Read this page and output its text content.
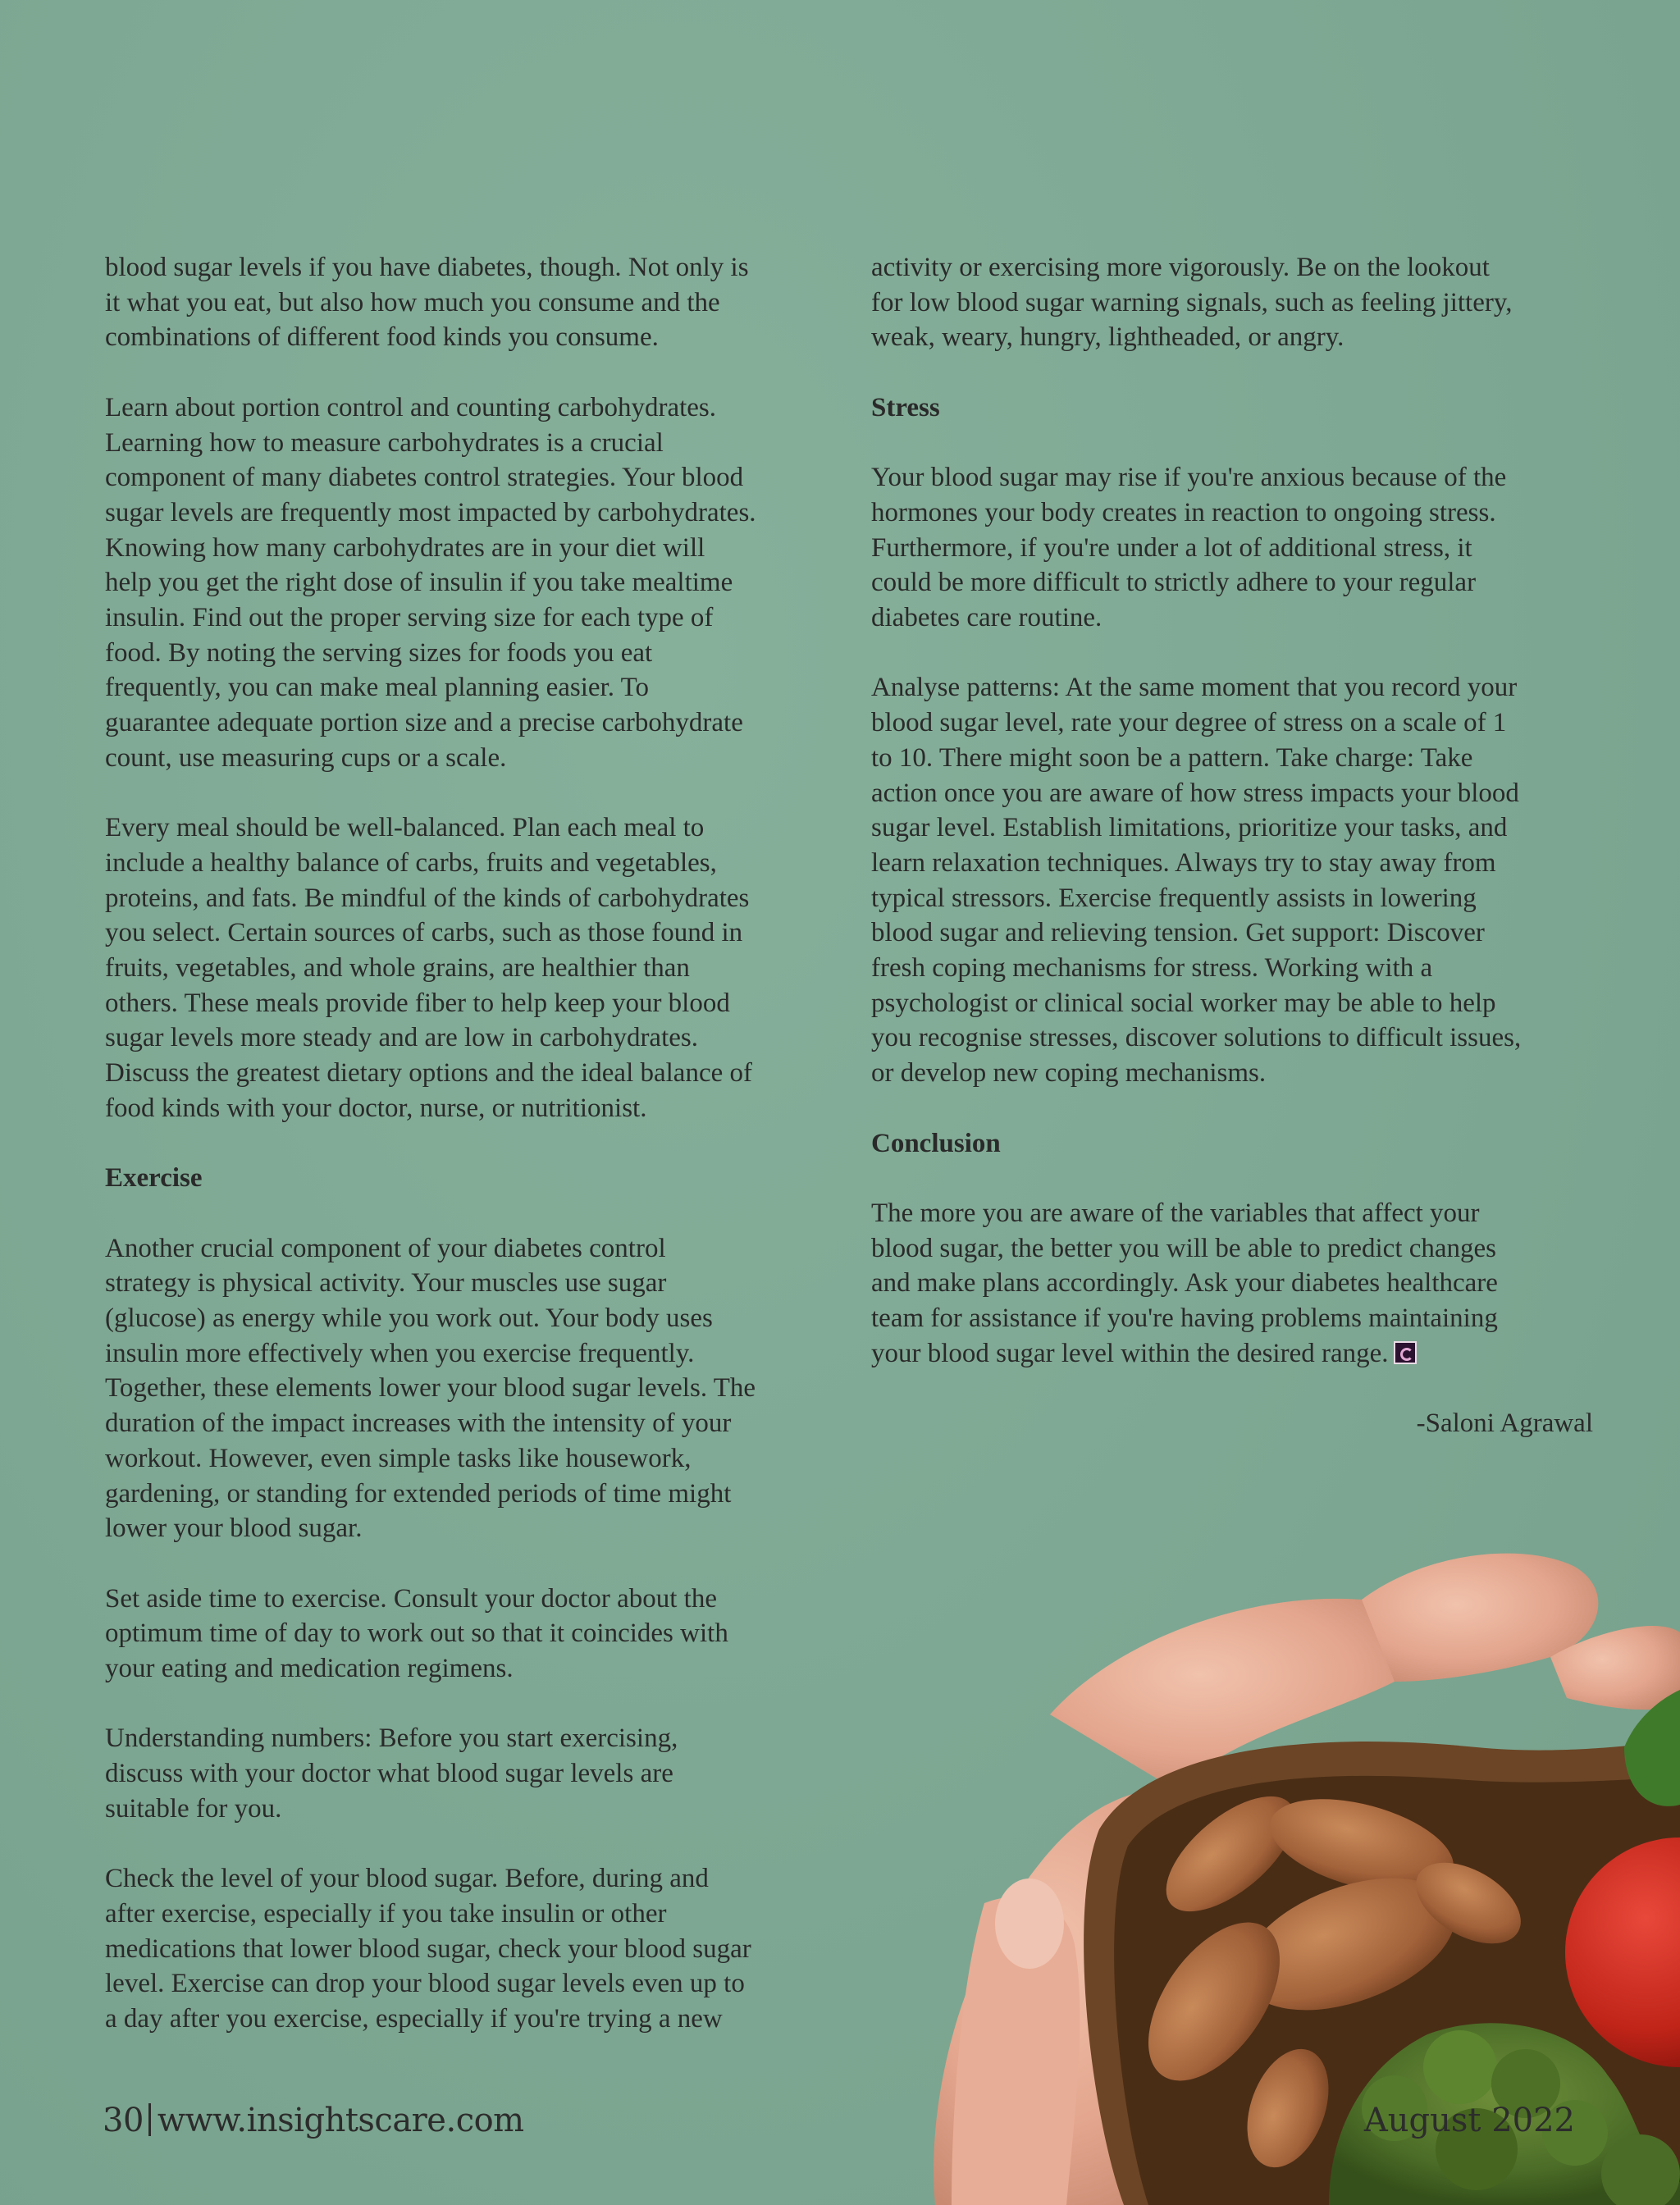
blood sugar levels if you have diabetes, though. Not only is
it what you eat, but also how much you consume and the
combinations of different food kinds you consume.

Learn about portion control and counting carbohydrates.
Learning how to measure carbohydrates is a crucial
component of many diabetes control strategies. Your blood
sugar levels are frequently most impacted by carbohydrates.
Knowing how many carbohydrates are in your diet will
help you get the right dose of insulin if you take mealtime
insulin. Find out the proper serving size for each type of
food. By noting the serving sizes for foods you eat
frequently, you can make meal planning easier. To
guarantee adequate portion size and a precise carbohydrate
count, use measuring cups or a scale.

Every meal should be well-balanced. Plan each meal to
include a healthy balance of carbs, fruits and vegetables,
proteins, and fats. Be mindful of the kinds of carbohydrates
you select. Certain sources of carbs, such as those found in
fruits, vegetables, and whole grains, are healthier than
others. These meals provide fiber to help keep your blood
sugar levels more steady and are low in carbohydrates.
Discuss the greatest dietary options and the ideal balance of
food kinds with your doctor, nurse, or nutritionist.

Exercise

Another crucial component of your diabetes control
strategy is physical activity. Your muscles use sugar
(glucose) as energy while you work out. Your body uses
insulin more effectively when you exercise frequently.
Together, these elements lower your blood sugar levels. The
duration of the impact increases with the intensity of your
workout. However, even simple tasks like housework,
gardening, or standing for extended periods of time might
lower your blood sugar.

Set aside time to exercise. Consult your doctor about the
optimum time of day to work out so that it coincides with
your eating and medication regimens.

Understanding numbers: Before you start exercising,
discuss with your doctor what blood sugar levels are
suitable for you.

Check the level of your blood sugar. Before, during and
after exercise, especially if you take insulin or other
medications that lower blood sugar, check your blood sugar
level. Exercise can drop your blood sugar levels even up to
a day after you exercise, especially if you're trying a new

activity or exercising more vigorously. Be on the lookout
for low blood sugar warning signals, such as feeling jittery,
weak, weary, hungry, lightheaded, or angry.

Stress

Your blood sugar may rise if you're anxious because of the
hormones your body creates in reaction to ongoing stress.
Furthermore, if you're under a lot of additional stress, it
could be more difficult to strictly adhere to your regular
diabetes care routine.

Analyse patterns: At the same moment that you record your
blood sugar level, rate your degree of stress on a scale of 1
to 10. There might soon be a pattern. Take charge: Take
action once you are aware of how stress impacts your blood
sugar level. Establish limitations, prioritize your tasks, and
learn relaxation techniques. Always try to stay away from
typical stressors. Exercise frequently assists in lowering
blood sugar and relieving tension. Get support: Discover
fresh coping mechanisms for stress. Working with a
psychologist or clinical social worker may be able to help
you recognise stresses, discover solutions to difficult issues,
or develop new coping mechanisms.

Conclusion

The more you are aware of the variables that affect your
blood sugar, the better you will be able to predict changes
and make plans accordingly. Ask your diabetes healthcare
team for assistance if you're having problems maintaining
your blood sugar level within the desired range.

-Saloni Agrawal

30 www.insightscare.com	August 2022
